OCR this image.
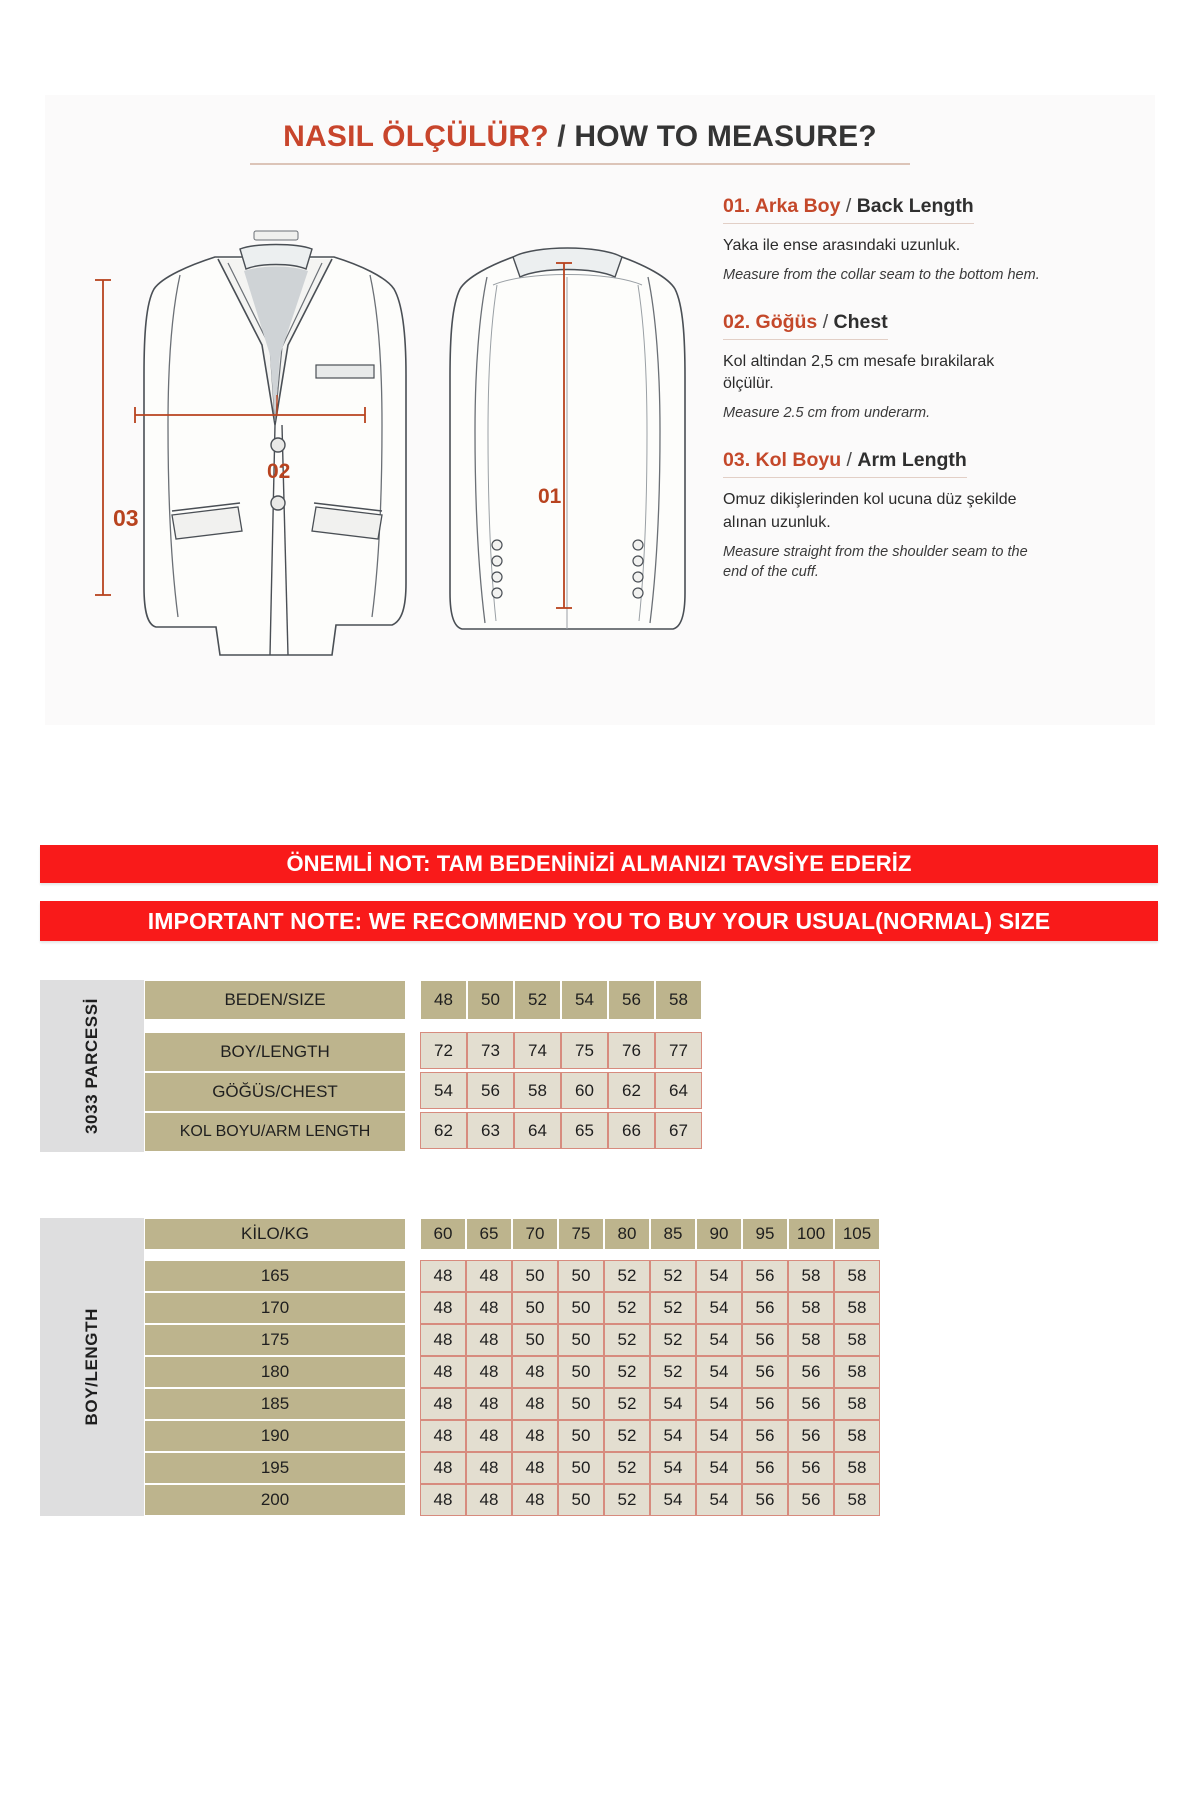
NASIL ÖLÇÜLÜR? / HOW TO MEASURE?
02
03
01
01. Arka Boy / Back Length
Yaka ile ense arasındaki uzunluk.
Measure from the collar seam to the bottom hem.
02. Göğüs / Chest
Kol altindan 2,5 cm mesafe bırakilarak ölçülür.
Measure 2.5 cm from underarm.
03. Kol Boyu / Arm Length
Omuz dikişlerinden kol ucuna düz şekilde alınan uzunluk.
Measure straight from the shoulder seam to the end of the cuff.
ÖNEMLİ NOT: TAM BEDENİNİZİ ALMANIZI TAVSİYE EDERİZ
IMPORTANT NOTE: WE RECOMMEND YOU TO BUY YOUR USUAL(NORMAL) SIZE
3033 PARCESSİ	BEDEN/SIZE	48	50	52	54	56	58
BOY/LENGTH	72	73	74	75	76	77
GÖĞÜS/CHEST	54	56	58	60	62	64
KOL BOYU/ARM LENGTH	62	63	64	65	66	67
BOY/LENGTH
KİLO/KG	60	65	70	75	80	85	90	95	100	105
165	48	48	50	50	52	52	54	56	58	58
170	48	48	50	50	52	52	54	56	58	58
175	48	48	50	50	52	52	54	56	58	58
180	48	48	48	50	52	52	54	56	56	58
185	48	48	48	50	52	54	54	56	56	58
190	48	48	48	50	52	54	54	56	56	58
195	48	48	48	50	52	54	54	56	56	58
200	48	48	48	50	52	54	54	56	56	58
